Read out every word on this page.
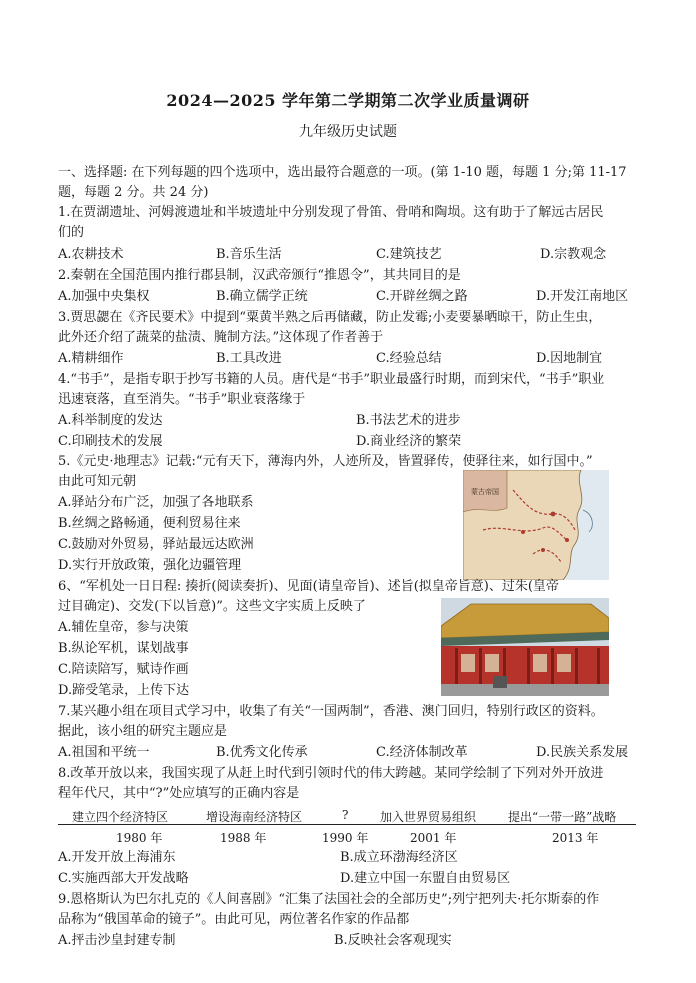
2024—2025 学年第二学期第二次学业质量调研
九年级历史试题
一、选择题: 在下列每题的四个选项中，选出最符合题意的一项。(第 1-10 题，每题 1 分;第 11-17
题，每题 2 分。共 24 分)
1.在贾湖遗址、河姆渡遗址和半坡遗址中分别发现了骨笛、骨哨和陶埙。这有助于了解远古居民
们的
A.农耕技术	B.音乐生活	C.建筑技艺	D.宗教观念
2.秦朝在全国范围内推行郡县制，汉武帝颁行“推恩令”，其共同目的是
A.加强中央集权	B.确立儒学正统	C.开辟丝绸之路	D.开发江南地区
3.贾思勰在《齐民要术》中提到“粟黄半熟之后再储藏，防止发霉;小麦要暴晒晾干，防止生虫，
此外还介绍了蔬菜的盐渍、腌制方法。”这体现了作者善于
A.精耕细作	B.工具改进	C.经验总结	D.因地制宜
4.“书手”，是指专职于抄写书籍的人员。唐代是“书手”职业最盛行时期，而到宋代，“书手”职业
迅速衰落，直至消失。“书手”职业衰落缘于
A.科举制度的发达	B.书法艺术的进步
C.印刷技术的发展	D.商业经济的繁荣
5.《元史·地理志》记载:“元有天下，薄海内外，人迹所及，皆置驿传，使驿往来，如行国中。”
由此可知元朝
A.驿站分布广泛，加强了各地联系
B.丝绸之路畅通，便利贸易往来
C.鼓励对外贸易，驿站最远达欧洲
D.实行开放政策，强化边疆管理
蒙古帝国
6、“军机处一日日程: 揍折(阅读奏折)、见面(请皇帝旨)、述旨(拟皇帝旨意)、过朱(皇帝
过目确定)、交发(下以旨意)”。这些文字实质上反映了
A.辅佐皇帝，参与决策
B.纵论军机，谋划战事
C.陪读陪写，赋诗作画
D.蹄受笔录，上传下达
7.某兴趣小组在项目式学习中，收集了有关“一国两制”，香港、澳门回归，特别行政区的资料。
据此，该小组的研究主题应是
A.祖国和平统一	B.优秀文化传承	C.经济体制改革	D.民族关系发展
8.改革开放以来，我国实现了从赶上时代到引领时代的伟大跨越。某同学绘制了下列对外开放进
程年代尺，其中“?”处应填写的正确内容是
建立四个经济特区	增设海南经济特区	?	加入世界贸易组织	提出“一带一路”战略
1980 年	1988 年	1990 年	2001 年	2013 年
A.开发开放上海浦东	B.成立环渤海经济区
C.实施西部大开发战略	D.建立中国一东盟自由贸易区
9.恩格斯认为巴尔扎克的《人间喜剧》“汇集了法国社会的全部历史”;列宁把列夫·托尔斯泰的作
品称为“俄国革命的镜子”。由此可见，两位著名作家的作品都
A.抨击沙皇封建专制	B.反映社会客观现实
